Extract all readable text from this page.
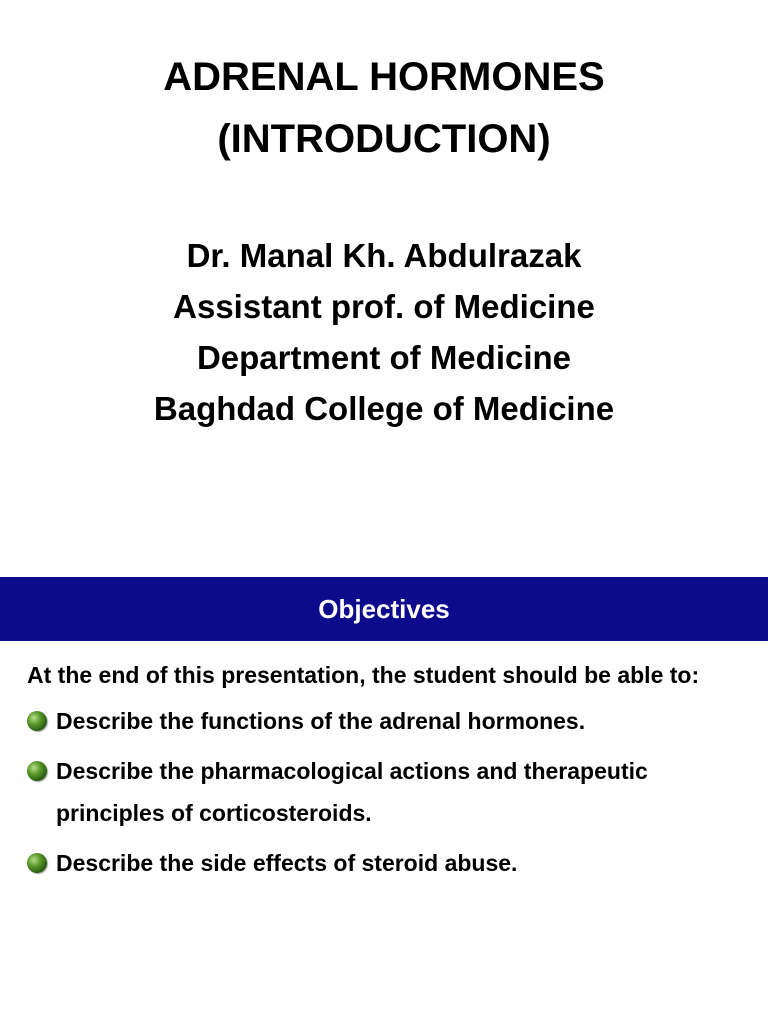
ADRENAL HORMONES
(INTRODUCTION)
Dr. Manal Kh. Abdulrazak
Assistant prof. of Medicine
Department of Medicine
Baghdad College of Medicine
Objectives

At the end of this presentation, the student should be able to:

Describe the functions of the adrenal hormones.
Describe the pharmacological actions and therapeutic principles of corticosteroids.
Describe the side effects of steroid abuse.
